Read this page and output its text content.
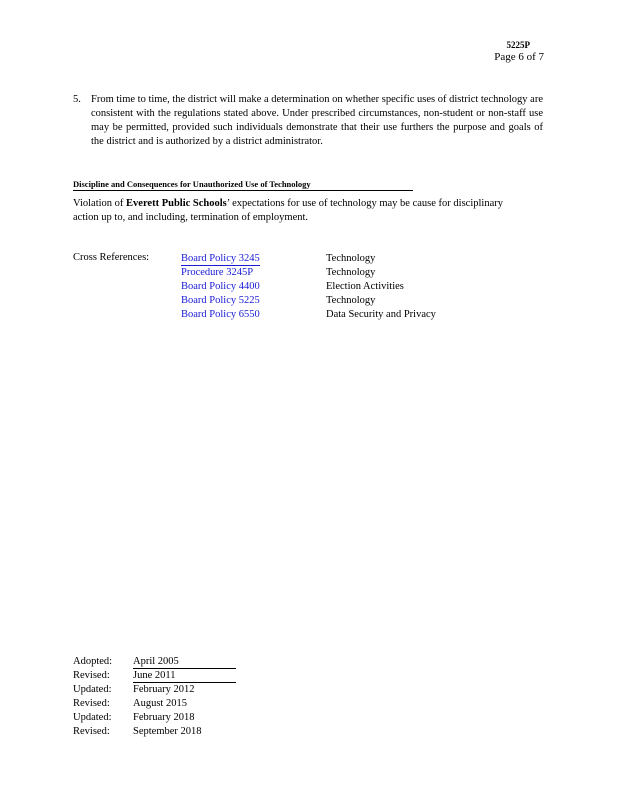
5225P
Page 6 of 7
5. From time to time, the district will make a determination on whether specific uses of district technology are consistent with the regulations stated above. Under prescribed circumstances, non-student or non-staff use may be permitted, provided such individuals demonstrate that their use furthers the purpose and goals of the district and is authorized by a district administrator.
Discipline and Consequences for Unauthorized Use of Technology
Violation of Everett Public Schools’ expectations for use of technology may be cause for disciplinary action up to, and including, termination of employment.
Cross References:	Board Policy 3245	Technology
Procedure 3245P	Technology
Board Policy 4400	Election Activities
Board Policy 5225	Technology
Board Policy 6550	Data Security and Privacy
Adopted: April 2005
Revised: June 2011
Updated: February 2012
Revised: August 2015
Updated: February 2018
Revised: September 2018
